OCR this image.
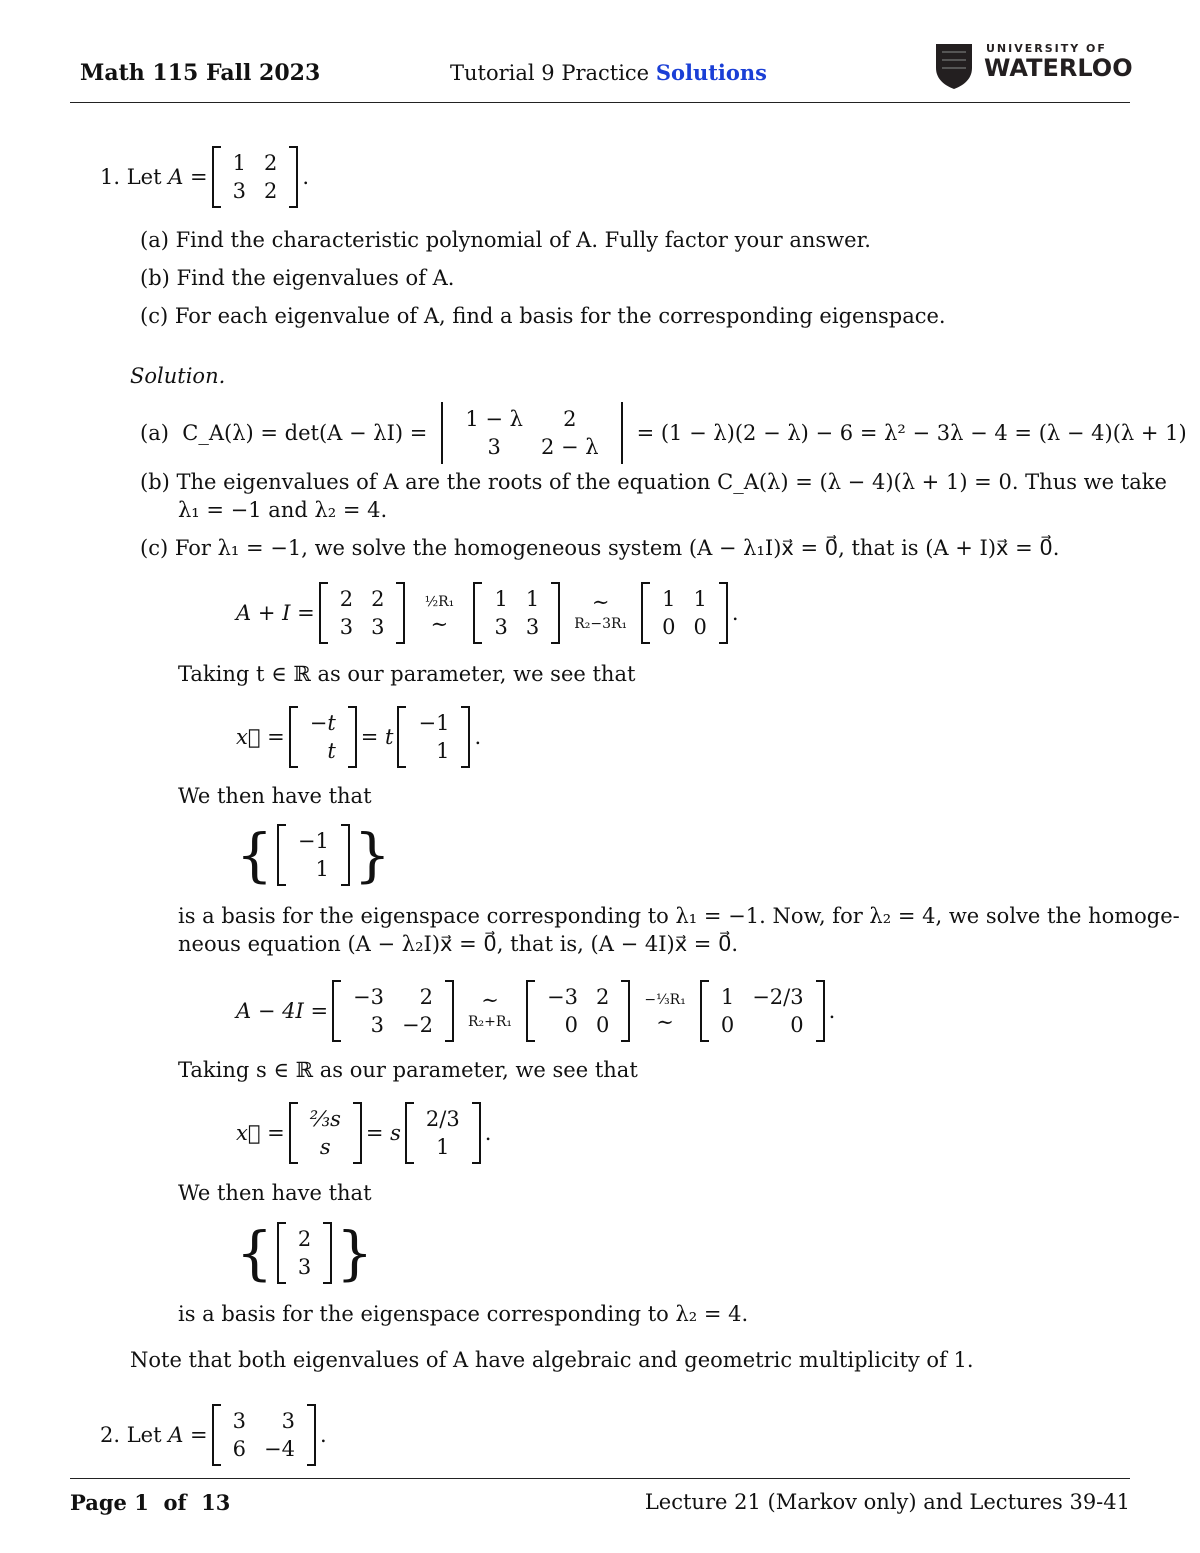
Math 115 Fall 2023	Tutorial 9 Practice Solutions
UNIVERSITY OF
WATERLOO
1. Let
A =
1 2
3 2
.
(a) Find the characteristic polynomial of A. Fully factor your answer.
(b) Find the eigenvalues of A.
(c) For each eigenvalue of A, find a basis for the corresponding eigenspace.
Solution.
(a)
C_A(λ) = det(A − λI) =
1 − λ	2
3	2 − λ
= (1 − λ)(2 − λ) − 6 = λ² − 3λ − 4 = (λ − 4)(λ + 1)
(b) The eigenvalues of A are the roots of the equation C_A(λ) = (λ − 4)(λ + 1) = 0. Thus we take
λ₁ = −1 and λ₂ = 4.
(c) For λ₁ = −1, we solve the homogeneous system (A − λ₁I)x⃗ = 0⃗, that is (A + I)x⃗ = 0⃗.
A + I =
2 2
3 3
½R₁
∼
1 1
3 3
∼
R₂−3R₁
1 1
0 0
.
Taking t ∈ ℝ as our parameter, we see that
x⃗ =
−t
t
= t
−1
1
.
We then have that
{ −1
1 }
is a basis for the eigenspace corresponding to λ₁ = −1. Now, for λ₂ = 4, we solve the homoge-
neous equation (A − λ₂I)x⃗ = 0⃗, that is, (A − 4I)x⃗ = 0⃗.
A − 4I =
−3	2
3 −2
∼
R₂+R₁
−3 2
0 0
−⅓R₁
∼
1 −2/3
0	0
.
Taking s ∈ ℝ as our parameter, we see that
x⃗ =
⅔s
s
= s
2/3
1
.
We then have that
{ 2
3 }
is a basis for the eigenspace corresponding to λ₂ = 4.
Note that both eigenvalues of A have algebraic and geometric multiplicity of 1.
2. Let
A =
3	3
6 −4
.
Page 1 of 13	Lecture 21 (Markov only) and Lectures 39-41
